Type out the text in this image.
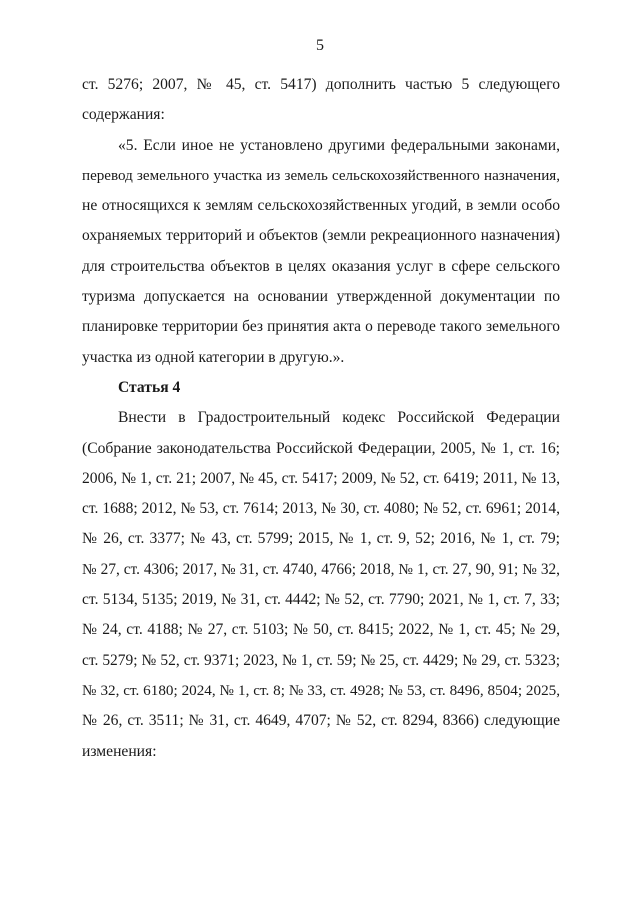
5
ст. 5276; 2007, № 45, ст. 5417) дополнить частью 5 следующего
содержания:
«5. Если иное не установлено другими федеральными законами,
перевод земельного участка из земель сельскохозяйственного назначения,
не относящихся к землям сельскохозяйственных угодий, в земли особо
охраняемых территорий и объектов (земли рекреационного назначения)
для строительства объектов в целях оказания услуг в сфере сельского
туризма допускается на основании утвержденной документации по
планировке территории без принятия акта о переводе такого земельного
участка из одной категории в другую.».
Статья 4
Внести в Градостроительный кодекс Российской Федерации
(Собрание законодательства Российской Федерации, 2005, № 1, ст. 16;
2006, № 1, ст. 21; 2007, № 45, ст. 5417; 2009, № 52, ст. 6419; 2011, № 13,
ст. 1688; 2012, № 53, ст. 7614; 2013, № 30, ст. 4080; № 52, ст. 6961; 2014,
№ 26, ст. 3377; № 43, ст. 5799; 2015, № 1, ст. 9, 52; 2016, № 1, ст. 79;
№ 27, ст. 4306; 2017, № 31, ст. 4740, 4766; 2018, № 1, ст. 27, 90, 91; № 32,
ст. 5134, 5135; 2019, № 31, ст. 4442; № 52, ст. 7790; 2021, № 1, ст. 7, 33;
№ 24, ст. 4188; № 27, ст. 5103; № 50, ст. 8415; 2022, № 1, ст. 45; № 29,
ст. 5279; № 52, ст. 9371; 2023, № 1, ст. 59; № 25, ст. 4429; № 29, ст. 5323;
№ 32, ст. 6180; 2024, № 1, ст. 8; № 33, ст. 4928; № 53, ст. 8496, 8504; 2025,
№ 26, ст. 3511; № 31, ст. 4649, 4707; № 52, ст. 8294, 8366) следующие
изменения:
